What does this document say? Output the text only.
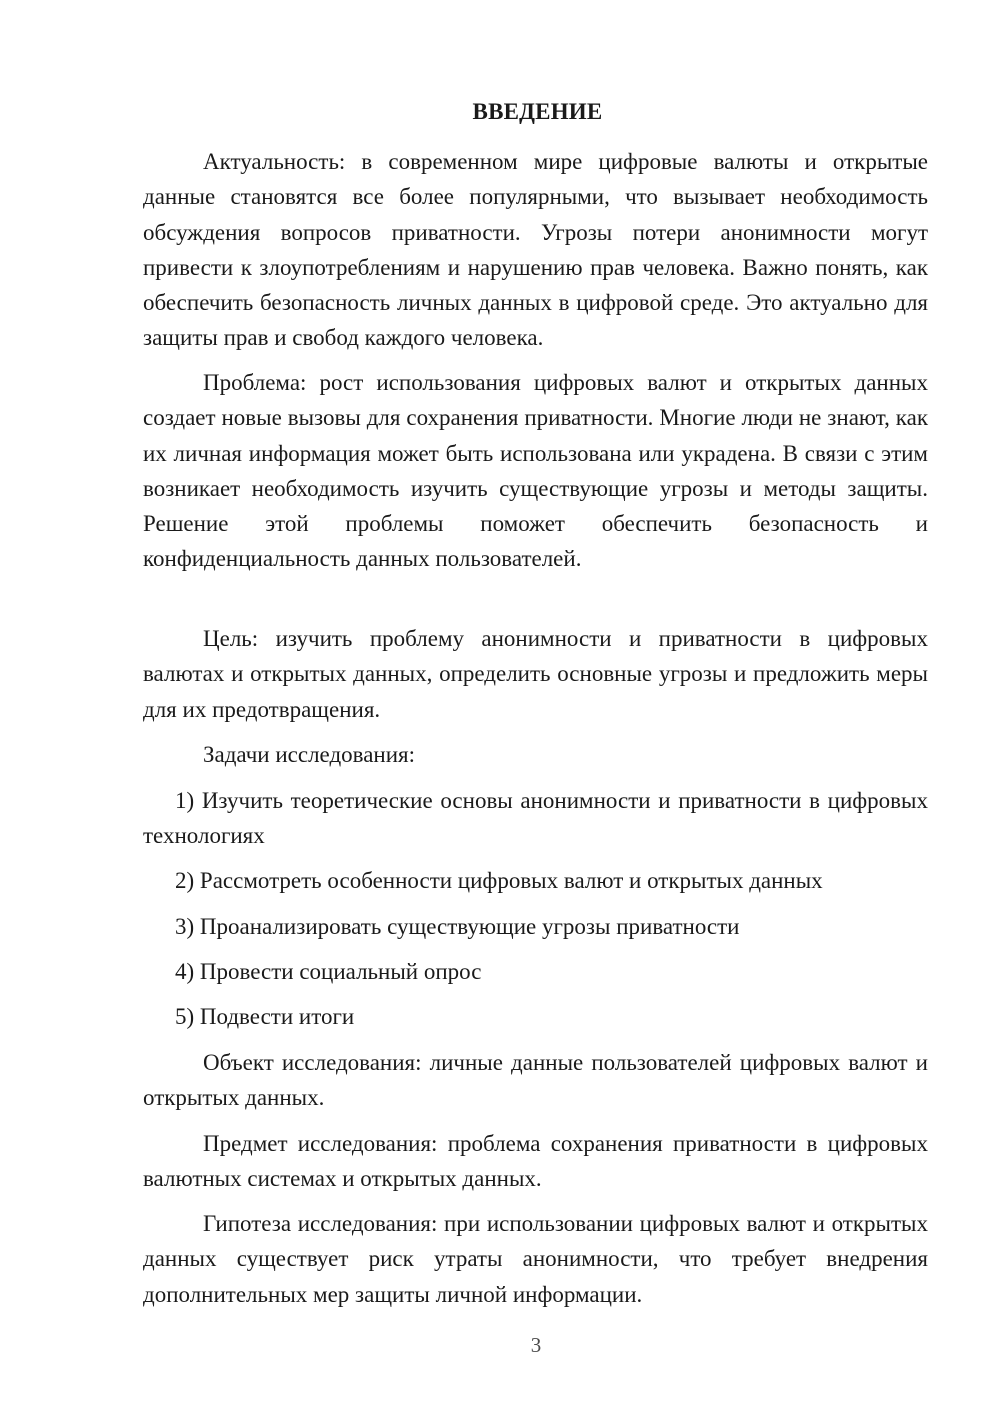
ВВЕДЕНИЕ

Актуальность: в современном мире цифровые валюты и открытые данные становятся все более популярными, что вызывает необходимость обсуждения вопросов приватности. Угрозы потери анонимности могут привести к злоупотреблениям и нарушению прав человека. Важно понять, как обеспечить безопасность личных данных в цифровой среде. Это актуально для защиты прав и свобод каждого человека.

Проблема: рост использования цифровых валют и открытых данных создает новые вызовы для сохранения приватности. Многие люди не знают, как их личная информация может быть использована или украдена. В связи с этим возникает необходимость изучить существующие угрозы и методы защиты. Решение этой проблемы поможет обеспечить безопасность и конфиденциальность данных пользователей.

Цель: изучить проблему анонимности и приватности в цифровых валютах и открытых данных, определить основные угрозы и предложить меры для их предотвращения.

Задачи исследования:

1) Изучить теоретические основы анонимности и приватности в цифровых технологиях

2) Рассмотреть особенности цифровых валют и открытых данных

3) Проанализировать существующие угрозы приватности

4) Провести социальный опрос

5) Подвести итоги

Объект исследования: личные данные пользователей цифровых валют и открытых данных.

Предмет исследования: проблема сохранения приватности в цифровых валютных системах и открытых данных.

Гипотеза исследования: при использовании цифровых валют и открытых данных существует риск утраты анонимности, что требует внедрения дополнительных мер защиты личной информации.

3
